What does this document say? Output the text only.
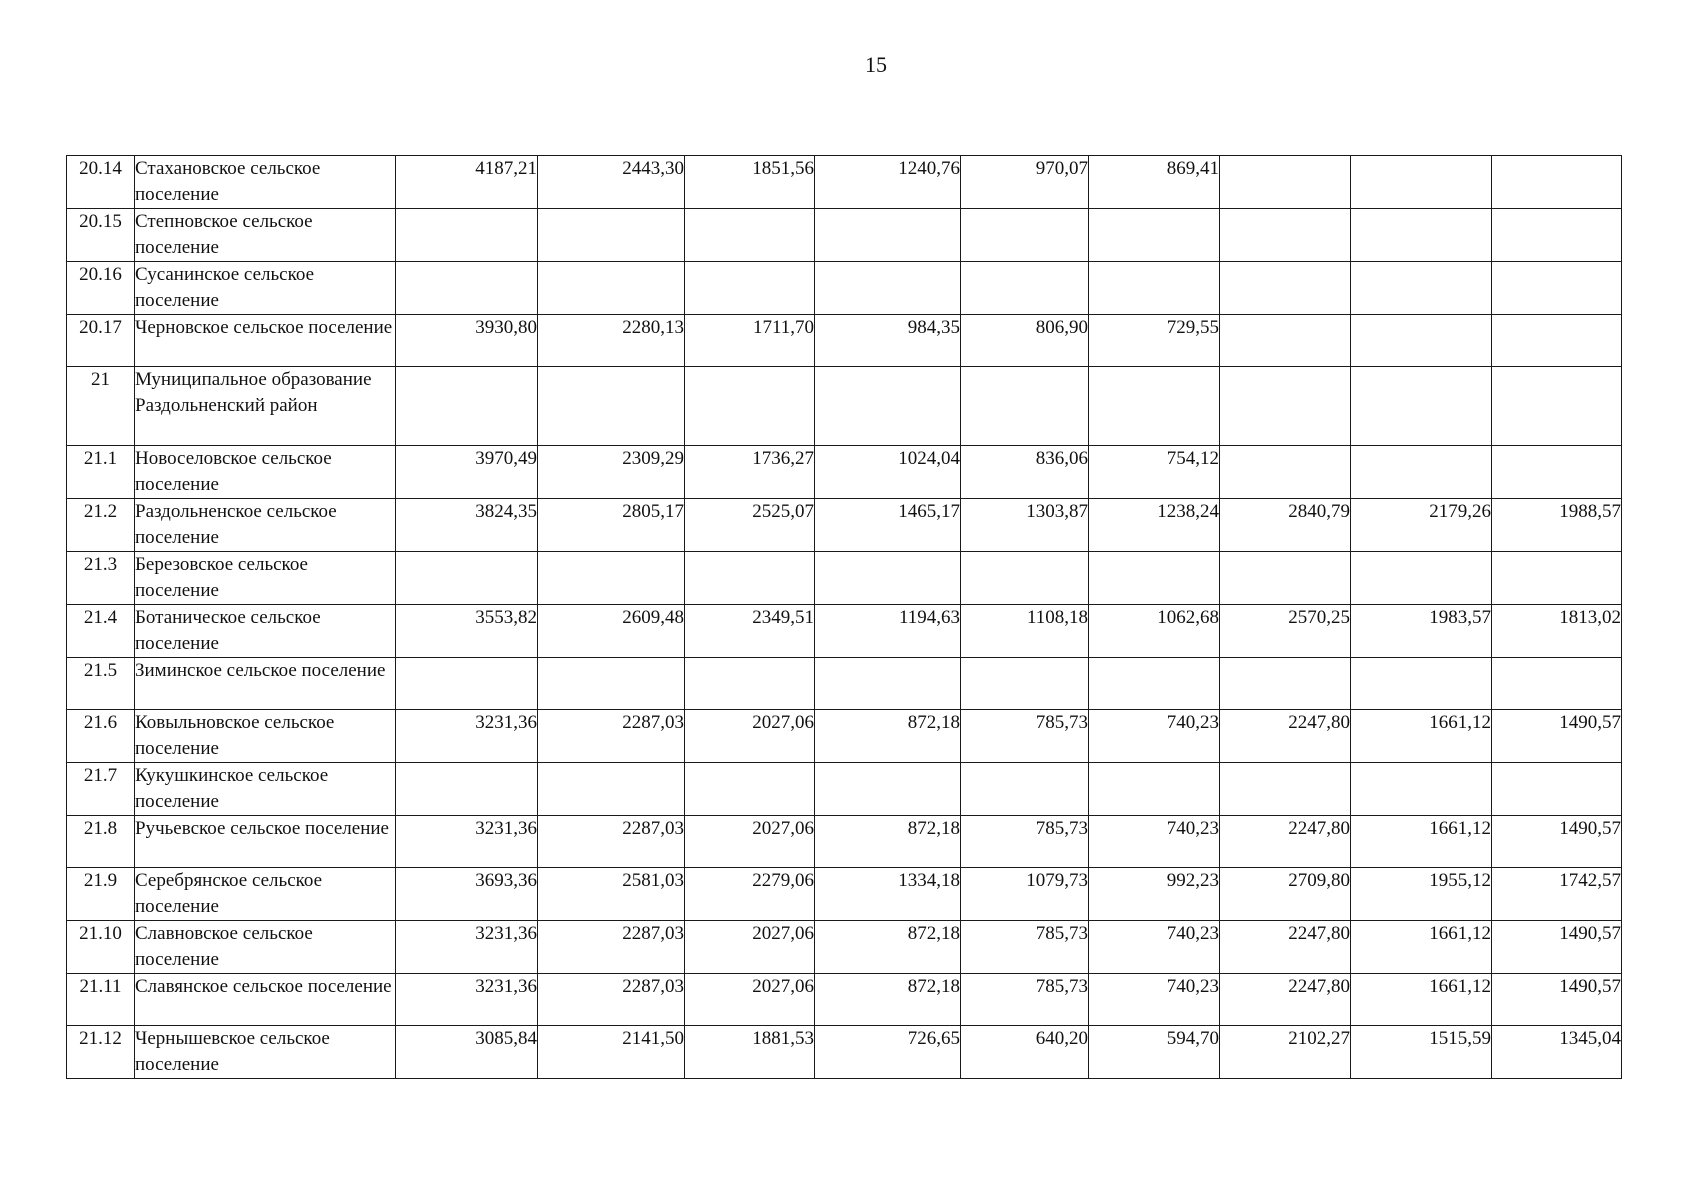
15
20.14	Стахановское сельское поселение	4187,21	2443,30	1851,56	1240,76	970,07	869,41			
20.15	Степновское сельское поселение									
20.16	Сусанинское сельское поселение									
20.17	Черновское сельское поселение	3930,80	2280,13	1711,70	984,35	806,90	729,55			
21	Муниципальное образование Раздольненский район									
21.1	Новоселовское сельское поселение	3970,49	2309,29	1736,27	1024,04	836,06	754,12			
21.2	Раздольненское сельское поселение	3824,35	2805,17	2525,07	1465,17	1303,87	1238,24	2840,79	2179,26	1988,57
21.3	Березовское сельское поселение									
21.4	Ботаническое сельское поселение	3553,82	2609,48	2349,51	1194,63	1108,18	1062,68	2570,25	1983,57	1813,02
21.5	Зиминское сельское поселение									
21.6	Ковыльновское сельское поселение	3231,36	2287,03	2027,06	872,18	785,73	740,23	2247,80	1661,12	1490,57
21.7	Кукушкинское сельское поселение									
21.8	Ручьевское сельское поселение	3231,36	2287,03	2027,06	872,18	785,73	740,23	2247,80	1661,12	1490,57
21.9	Серебрянское сельское поселение	3693,36	2581,03	2279,06	1334,18	1079,73	992,23	2709,80	1955,12	1742,57
21.10	Славновское сельское поселение	3231,36	2287,03	2027,06	872,18	785,73	740,23	2247,80	1661,12	1490,57
21.11	Славянское сельское поселение	3231,36	2287,03	2027,06	872,18	785,73	740,23	2247,80	1661,12	1490,57
21.12	Чернышевское сельское поселение	3085,84	2141,50	1881,53	726,65	640,20	594,70	2102,27	1515,59	1345,04
